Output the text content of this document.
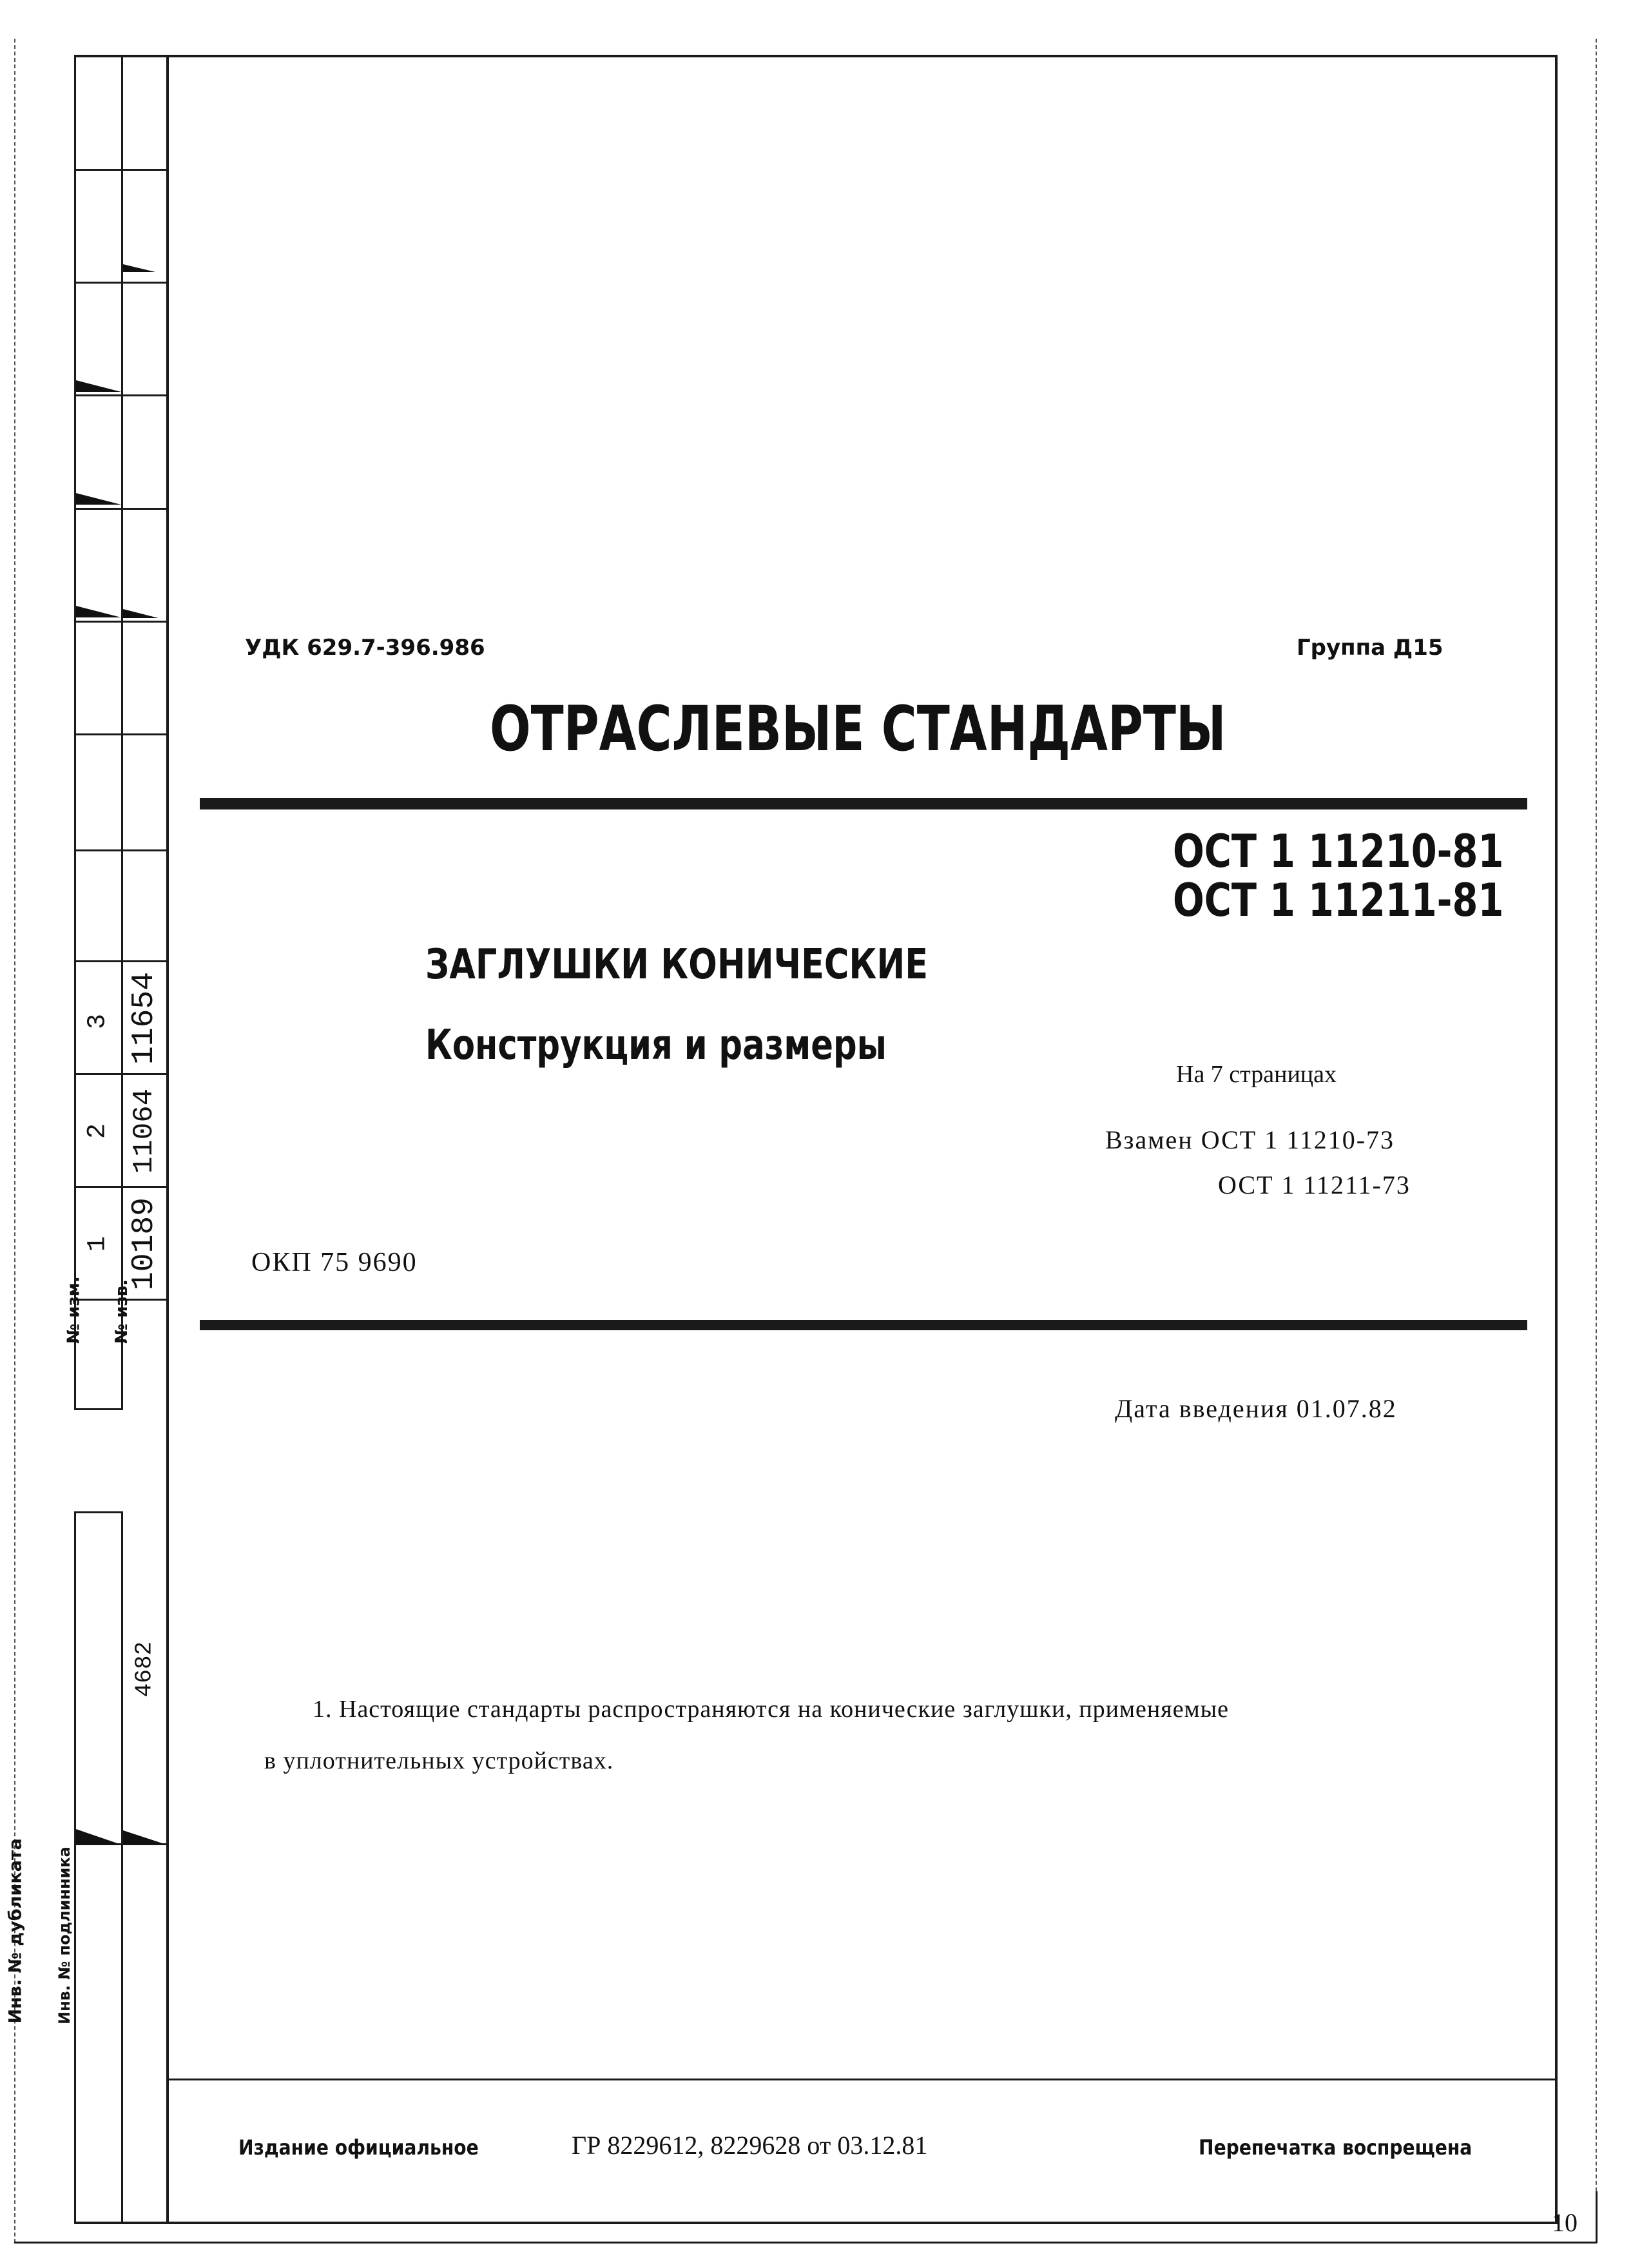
3 11654
2 11064
1 10189
№ изм. № изв.
4682
Инв. № дубликата Инв. № подлинника
УДК 629.7-396.986	Группа Д15
ОТРАСЛЕВЫЕ СТАНДАРТЫ
ОСТ 1 11210-81
ОСТ 1 11211-81
ЗАГЛУШКИ КОНИЧЕСКИЕ
Конструкция и размеры
На 7 страницах
Взамен ОСТ 1 11210-73
ОСТ 1 11211-73
ОКП 75 9690
Дата введения 01.07.82
1. Настоящие стандарты распространяются на конические заглушки, применяемые
в уплотнительных устройствах.
Издание официальное	ГР 8229612, 8229628 от 03.12.81	Перепечатка воспрещена
10
